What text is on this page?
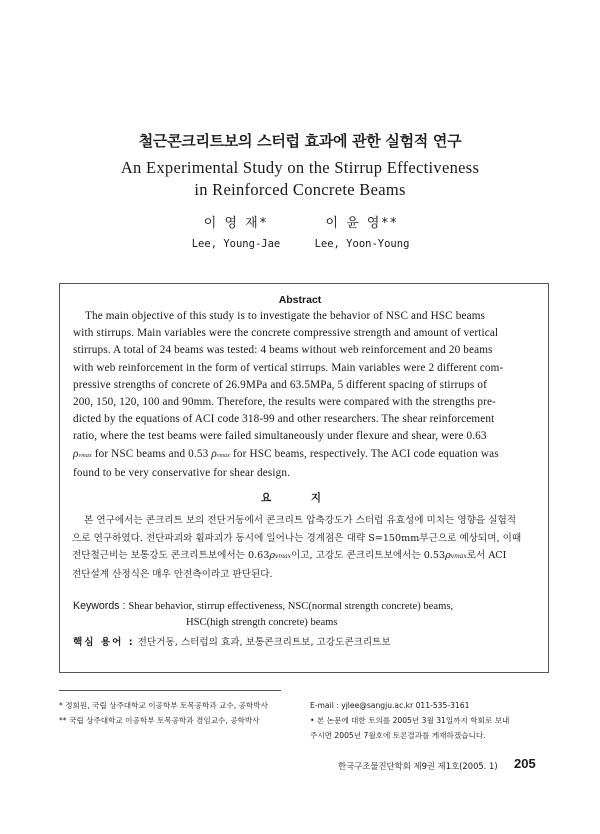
철근콘크리트보의 스터럽 효과에 관한 실험적 연구
An Experimental Study on the Stirrup Effectiveness
in Reinforced Concrete Beams
이 영 재*
Lee, Young-Jae
이 윤 영**
Lee, Yoon-Young
Abstract
The main objective of this study is to investigate the behavior of NSC and HSC beams
with stirrups. Main variables were the concrete compressive strength and amount of vertical
stirrups. A total of 24 beams was tested: 4 beams without web reinforcement and 20 beams
with web reinforcement in the form of vertical stirrups. Main variables were 2 different com-
pressive strengths of concrete of 26.9MPa and 63.5MPa, 5 different spacing of stirrups of
200, 150, 120, 100 and 90mm. Therefore, the results were compared with the strengths pre-
dicted by the equations of ACI code 318-99 and other researchers. The shear reinforcement
ratio, where the test beams were failed simultaneously under flexure and shear, were 0.63
ρvmax for NSC beams and 0.53 ρvmax for HSC beams, respectively. The ACI code equation was
found to be very conservative for shear design.
요 지
본 연구에서는 콘크리트 보의 전단거동에서 콘크리트 압축강도가 스터럽 유효성에 미치는 영향을 실험적
으로 연구하였다. 전단파괴와 휨파괴가 동시에 일어나는 경계점은 대략 S=150mm부근으로 예상되며, 이때
전단철근비는 보통강도 콘크리트보에서는 0.63ρvmax이고, 고강도 콘크리트보에서는 0.53ρvmax로서 ACI
전단설계 산정식은 매우 안전측이라고 판단된다.
Keywords : Shear behavior, stirrup effectiveness, NSC(normal strength concrete) beams,
HSC(high strength concrete) beams
핵심 용어 : 전단거동, 스터럽의 효과, 보통콘크리트보, 고강도콘크리트보
* 정회원, 국립 상주대학교 이공학부 토목공학과 교수, 공학박사
** 국립 상주대학교 이공학부 토목공학과 겸임교수, 공학박사
E-mail : yjlee@sangju.ac.kr 011-535-3161
• 본 논문에 대한 토의를 2005년 3월 31일까지 학회로 보내
주시면 2005년 7월호에 토론결과를 게재하겠습니다.
한국구조물진단학회 제9권 제1호(2005. 1) 205
